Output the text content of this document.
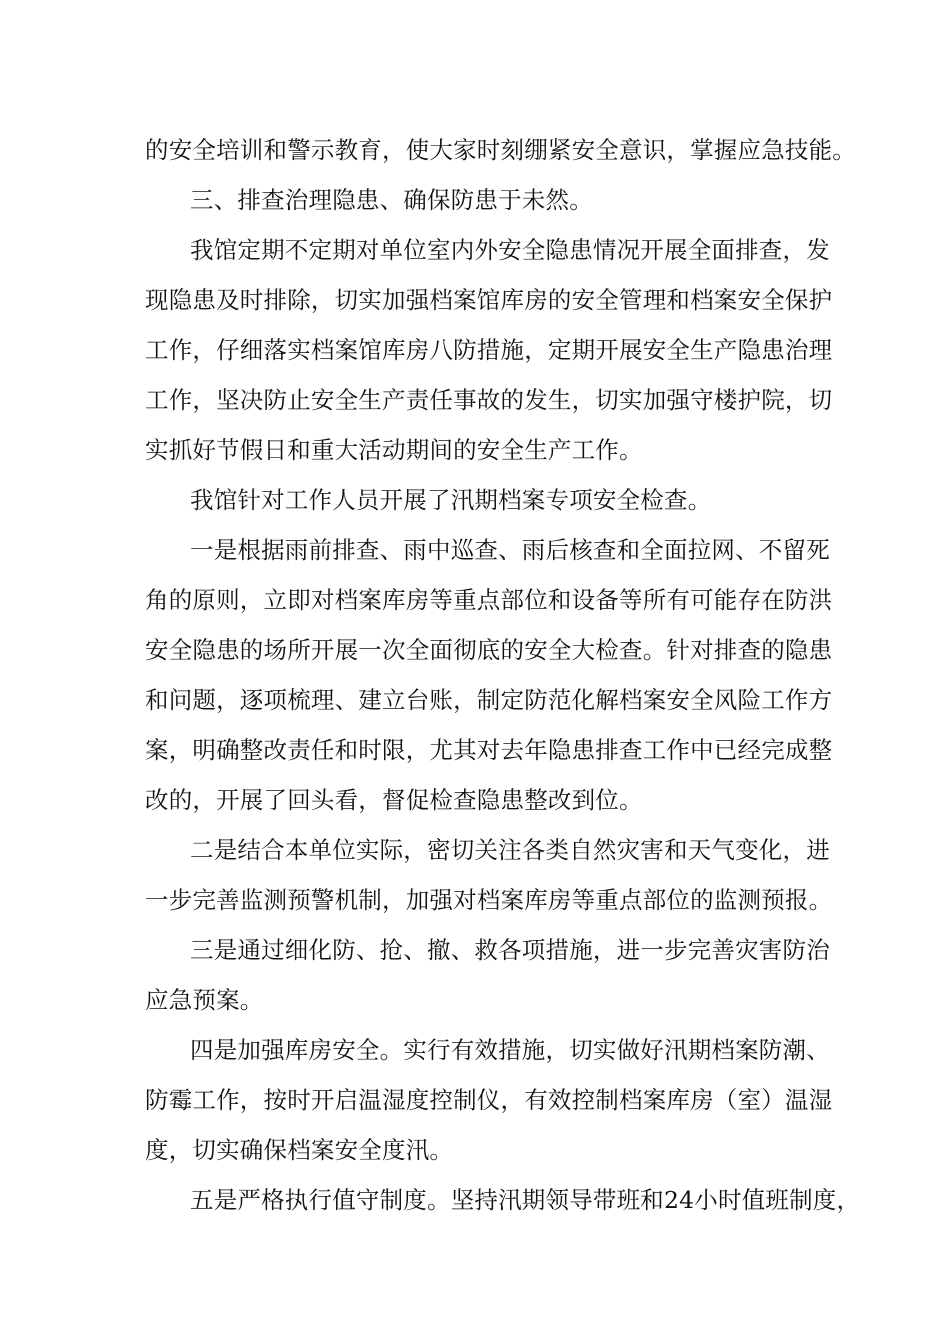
的安全培训和警示教育，使大家时刻绷紧安全意识，掌握应急技能。
三、排查治理隐患、确保防患于未然。
我馆定期不定期对单位室内外安全隐患情况开展全面排查，发
现隐患及时排除，切实加强档案馆库房的安全管理和档案安全保护
工作，仔细落实档案馆库房八防措施，定期开展安全生产隐患治理
工作，坚决防止安全生产责任事故的发生，切实加强守楼护院，切
实抓好节假日和重大活动期间的安全生产工作。
我馆针对工作人员开展了汛期档案专项安全检查。
一是根据雨前排查、雨中巡查、雨后核查和全面拉网、不留死
角的原则，立即对档案库房等重点部位和设备等所有可能存在防洪
安全隐患的场所开展一次全面彻底的安全大检查。针对排查的隐患
和问题，逐项梳理、建立台账，制定防范化解档案安全风险工作方
案，明确整改责任和时限，尤其对去年隐患排查工作中已经完成整
改的，开展了回头看，督促检查隐患整改到位。
二是结合本单位实际，密切关注各类自然灾害和天气变化，进
一步完善监测预警机制，加强对档案库房等重点部位的监测预报。
三是通过细化防、抢、撤、救各项措施，进一步完善灾害防治
应急预案。
四是加强库房安全。实行有效措施，切实做好汛期档案防潮、
防霉工作，按时开启温湿度控制仪，有效控制档案库房（室）温湿
度，切实确保档案安全度汛。
五是严格执行值守制度。坚持汛期领导带班和24小时值班制度，
